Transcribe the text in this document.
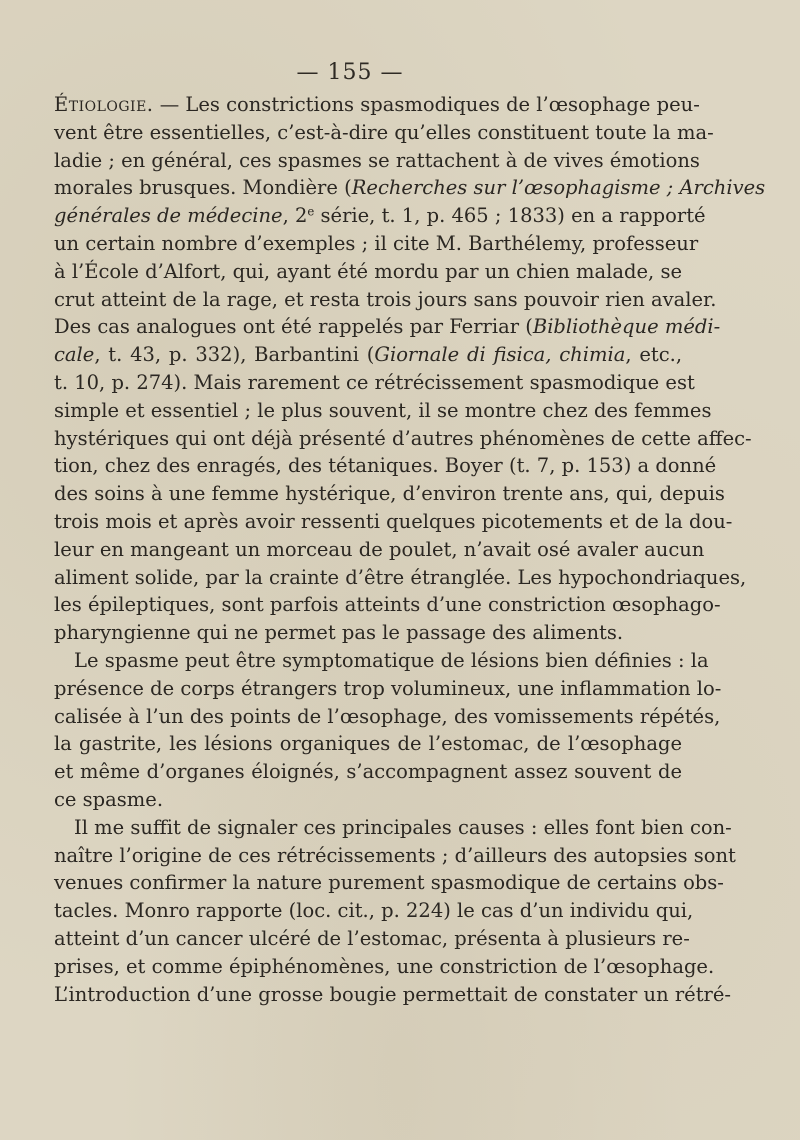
— 155 —
Étiologie. — Les constrictions spasmodiques de l’œsophage peu-
vent être essentielles, c’est-à-dire qu’elles constituent toute la ma-
ladie ; en général, ces spasmes se rattachent à de vives émotions
morales brusques. Mondière (Recherches sur l’œsophagisme ; Archives
générales de médecine, 2e série, t. 1, p. 465 ; 1833) en a rapporté
un certain nombre d’exemples ; il cite M. Barthélemy, professeur
à l’École d’Alfort, qui, ayant été mordu par un chien malade, se
crut atteint de la rage, et resta trois jours sans pouvoir rien avaler.
Des cas analogues ont été rappelés par Ferriar (Bibliothèque médi-
cale, t. 43, p. 332), Barbantini (Giornale di fisica, chimia, etc.,
t. 10, p. 274). Mais rarement ce rétrécissement spasmodique est
simple et essentiel ; le plus souvent, il se montre chez des femmes
hystériques qui ont déjà présenté d’autres phénomènes de cette affec-
tion, chez des enragés, des tétaniques. Boyer (t. 7, p. 153) a donné
des soins à une femme hystérique, d’environ trente ans, qui, depuis
trois mois et après avoir ressenti quelques picotements et de la dou-
leur en mangeant un morceau de poulet, n’avait osé avaler aucun
aliment solide, par la crainte d’être étranglée. Les hypochondriaques,
les épileptiques, sont parfois atteints d’une constriction œsophago-
pharyngienne qui ne permet pas le passage des aliments.
Le spasme peut être symptomatique de lésions bien définies : la
présence de corps étrangers trop volumineux, une inflammation lo-
calisée à l’un des points de l’œsophage, des vomissements répétés,
la gastrite, les lésions organiques de l’estomac, de l’œsophage
et même d’organes éloignés, s’accompagnent assez souvent de
ce spasme.
Il me suffit de signaler ces principales causes : elles font bien con-
naître l’origine de ces rétrécissements ; d’ailleurs des autopsies sont
venues confirmer la nature purement spasmodique de certains obs-
tacles. Monro rapporte (loc. cit., p. 224) le cas d’un individu qui,
atteint d’un cancer ulcéré de l’estomac, présenta à plusieurs re-
prises, et comme épiphénomènes, une constriction de l’œsophage.
L’introduction d’une grosse bougie permettait de constater un rétré-
